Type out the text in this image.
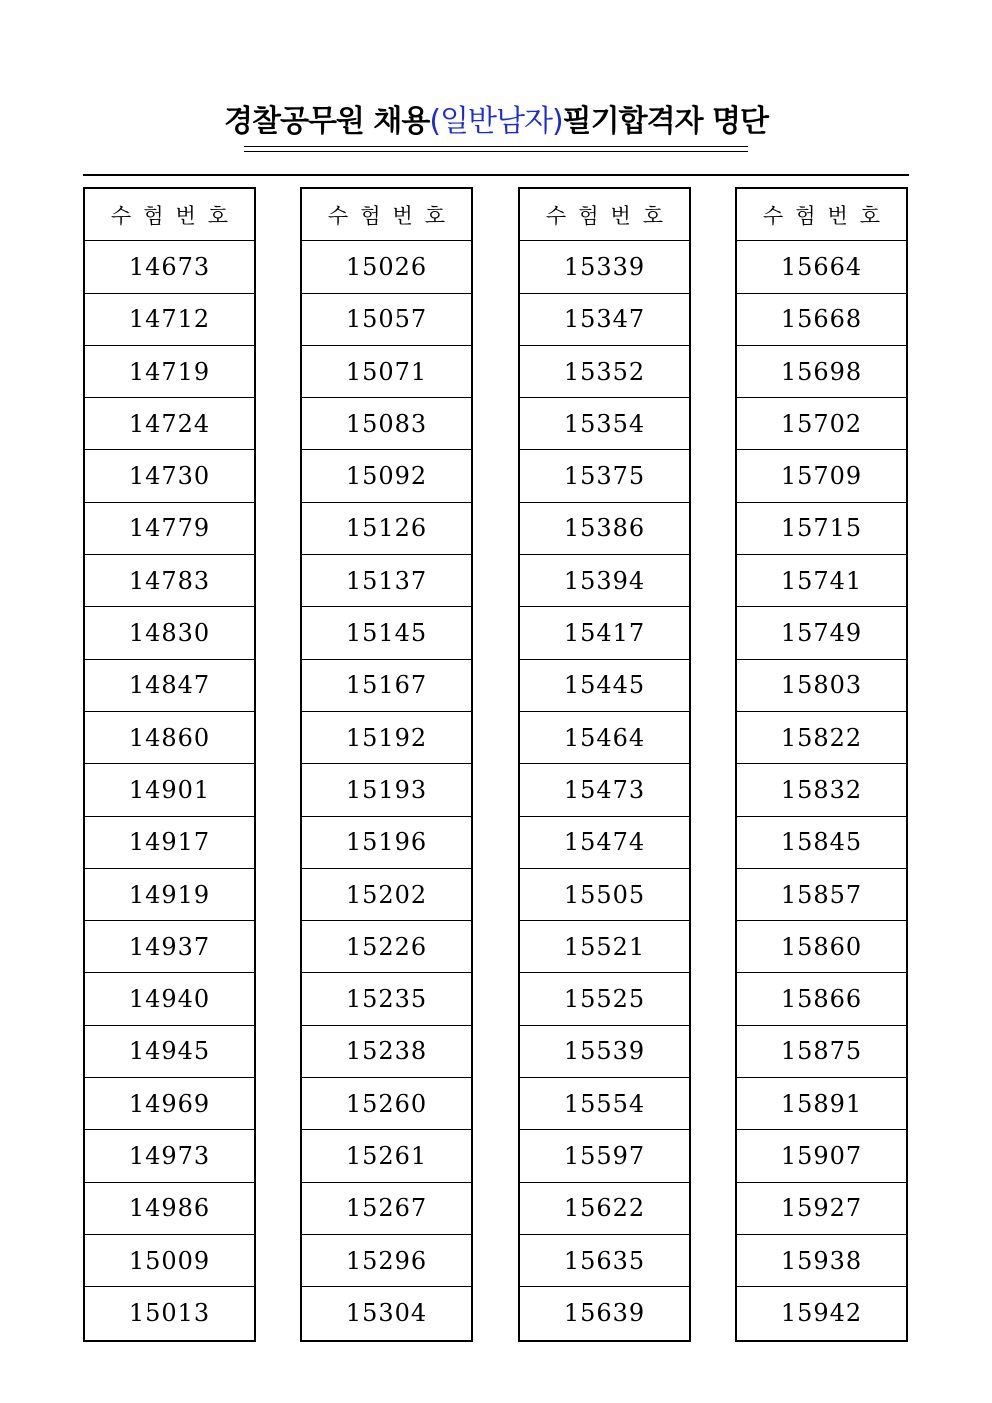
경찰공무원 채용(일반남자)필기합격자 명단
수험번호
14673
14712
14719
14724
14730
14779
14783
14830
14847
14860
14901
14917
14919
14937
14940
14945
14969
14973
14986
15009
15013
수험번호
15026
15057
15071
15083
15092
15126
15137
15145
15167
15192
15193
15196
15202
15226
15235
15238
15260
15261
15267
15296
15304
수험번호
15339
15347
15352
15354
15375
15386
15394
15417
15445
15464
15473
15474
15505
15521
15525
15539
15554
15597
15622
15635
15639
수험번호
15664
15668
15698
15702
15709
15715
15741
15749
15803
15822
15832
15845
15857
15860
15866
15875
15891
15907
15927
15938
15942
